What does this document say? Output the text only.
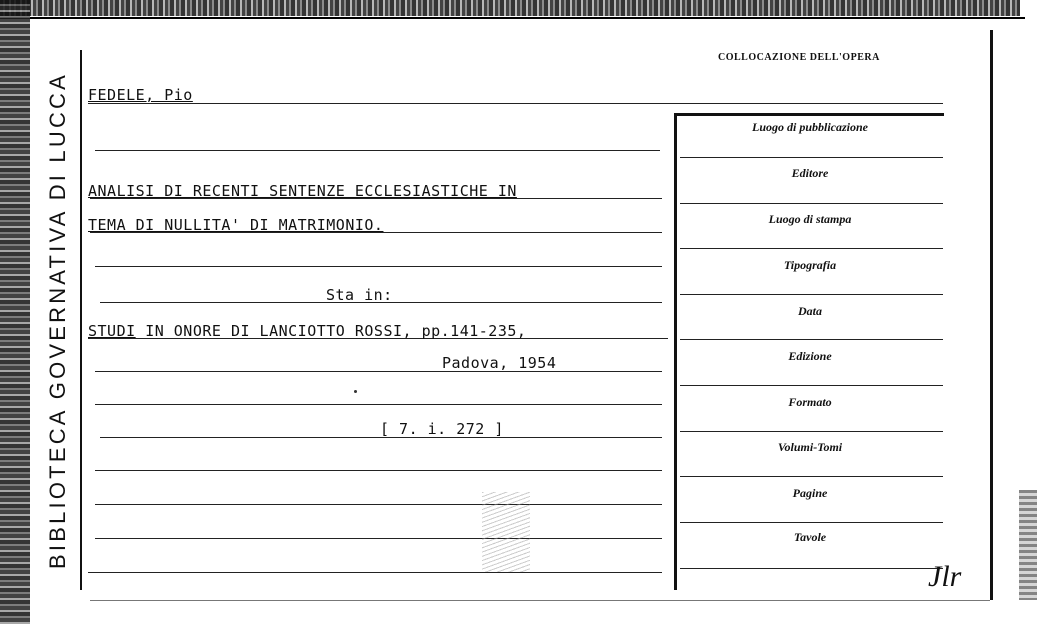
BIBLIOTECA GOVERNATIVA DI LUCCA
COLLOCAZIONE DELL'OPERA
FEDELE, Pio
ANALISI DI RECENTI SENTENZE ECCLESIASTICHE IN
TEMA DI NULLITA' DI MATRIMONIO.
Sta in:
STUDI IN ONORE DI LANCIOTTO ROSSI, pp.141-235,
Padova, 1954
[ 7. i. 272 ]
Luogo di pubblicazione
Editore
Luogo di stampa
Tipografia
Data
Edizione
Formato
Volumi-Tomi
Pagine
Tavole
Jlr
